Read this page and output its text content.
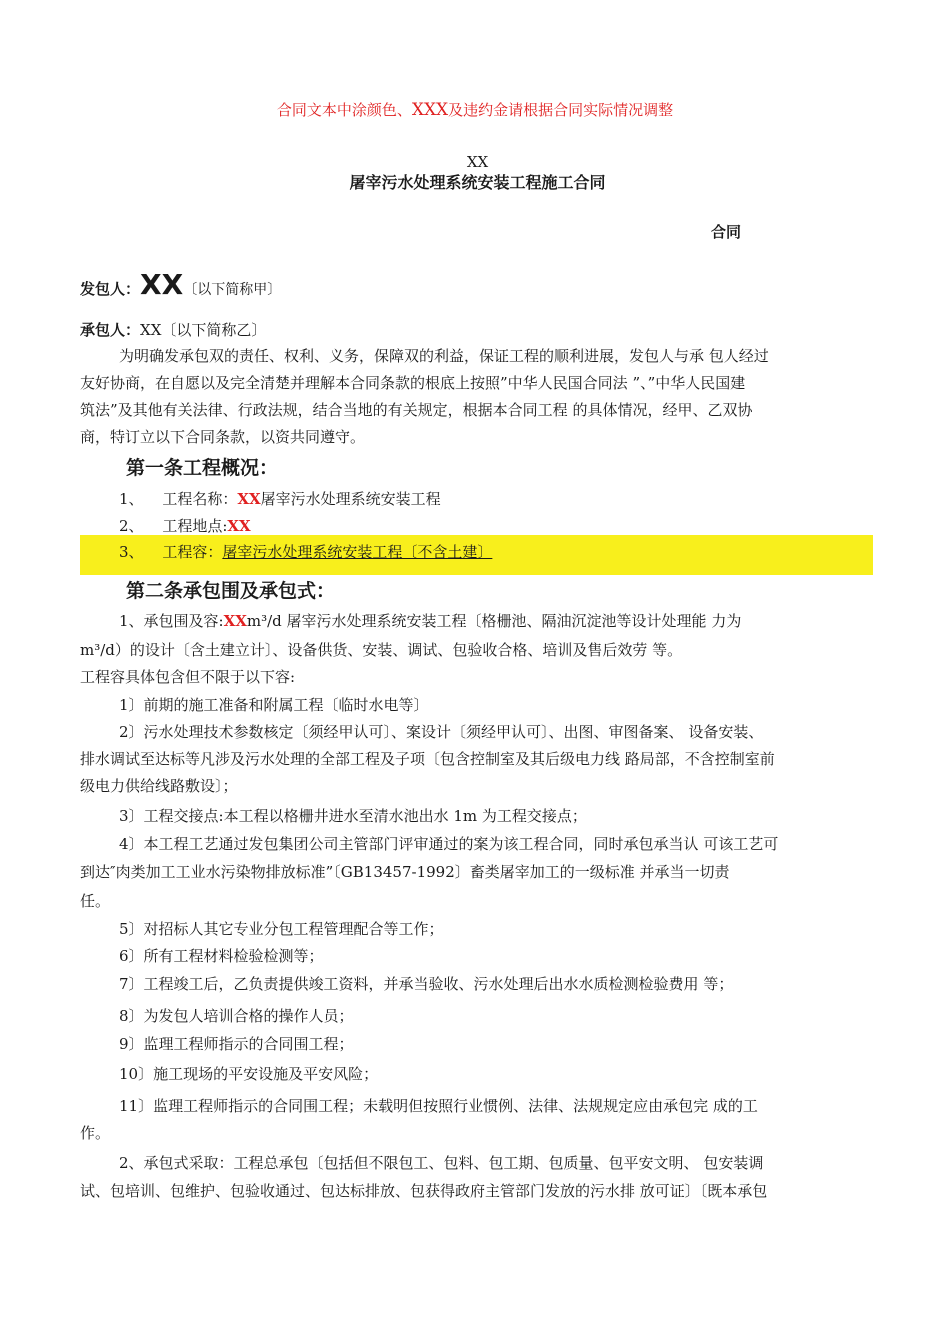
合同文本中涂颜色、XXX及违约金请根据合同实际情况调整
XX
屠宰污水处理系统安装工程施工合同
合同
发包人：XX〔以下简称甲〕
承包人：XX〔以下简称乙〕
为明确发承包双的责任、权利、义务，保障双的利益，保证工程的顺利进展，发包人与承 包人经过
友好协商，在自愿以及完全清楚并理解本合同条款的根底上按照”中华人民国合同法 ”、”中华人民国建
筑法”及其他有关法律、行政法规，结合当地的有关规定，根据本合同工程 的具体情况，经甲、乙双协
商，特订立以下合同条款，以资共同遵守。
第一条工程概况：
1、 工程名称：XX屠宰污水处理系统安装工程
2、 工程地点:XX
3、 工程容：屠宰污水处理系统安装工程〔不含土建〕
第二条承包围及承包式：
1、承包围及容:XXm³/d 屠宰污水处理系统安装工程〔格栅池、隔油沉淀池等设计处理能 力为
m³/d）的设计〔含土建立计〕、设备供货、安装、调试、包验收合格、培训及售后效劳 等。
工程容具体包含但不限于以下容:
1〕前期的施工准备和附属工程〔临时水电等〕
2〕污水处理技术参数核定〔须经甲认可〕、案设计〔须经甲认可〕、出图、审图备案、 设备安装、
排水调试至达标等凡涉及污水处理的全部工程及子项〔包含控制室及其后级电力线 路局部，不含控制室前
级电力供给线路敷设〕；
3〕工程交接点:本工程以格栅井进水至清水池出水 1m 为工程交接点；
4〕本工程工艺通过发包集团公司主管部门评审通过的案为该工程合同，同时承包承当认 可该工艺可
到达″肉类加工工业水污染物排放标准”〔GB13457-1992〕畜类屠宰加工的一级标准 并承当一切责
任。
5〕对招标人其它专业分包工程管理配合等工作；
6〕所有工程材料检验检测等；
7〕工程竣工后，乙负责提供竣工资料，并承当验收、污水处理后出水水质检测检验费用 等；
8〕为发包人培训合格的操作人员；
9〕监理工程师指示的合同围工程；
10〕施工现场的平安设施及平安风险；
11〕监理工程师指示的合同围工程；未载明但按照行业惯例、法律、法规规定应由承包完 成的工
作。
2、承包式采取：工程总承包〔包括但不限包工、包料、包工期、包质量、包平安文明、 包安装调
试、包培训、包维护、包验收通过、包达标排放、包获得政府主管部门发放的污水排 放可证〕〔既本承包
